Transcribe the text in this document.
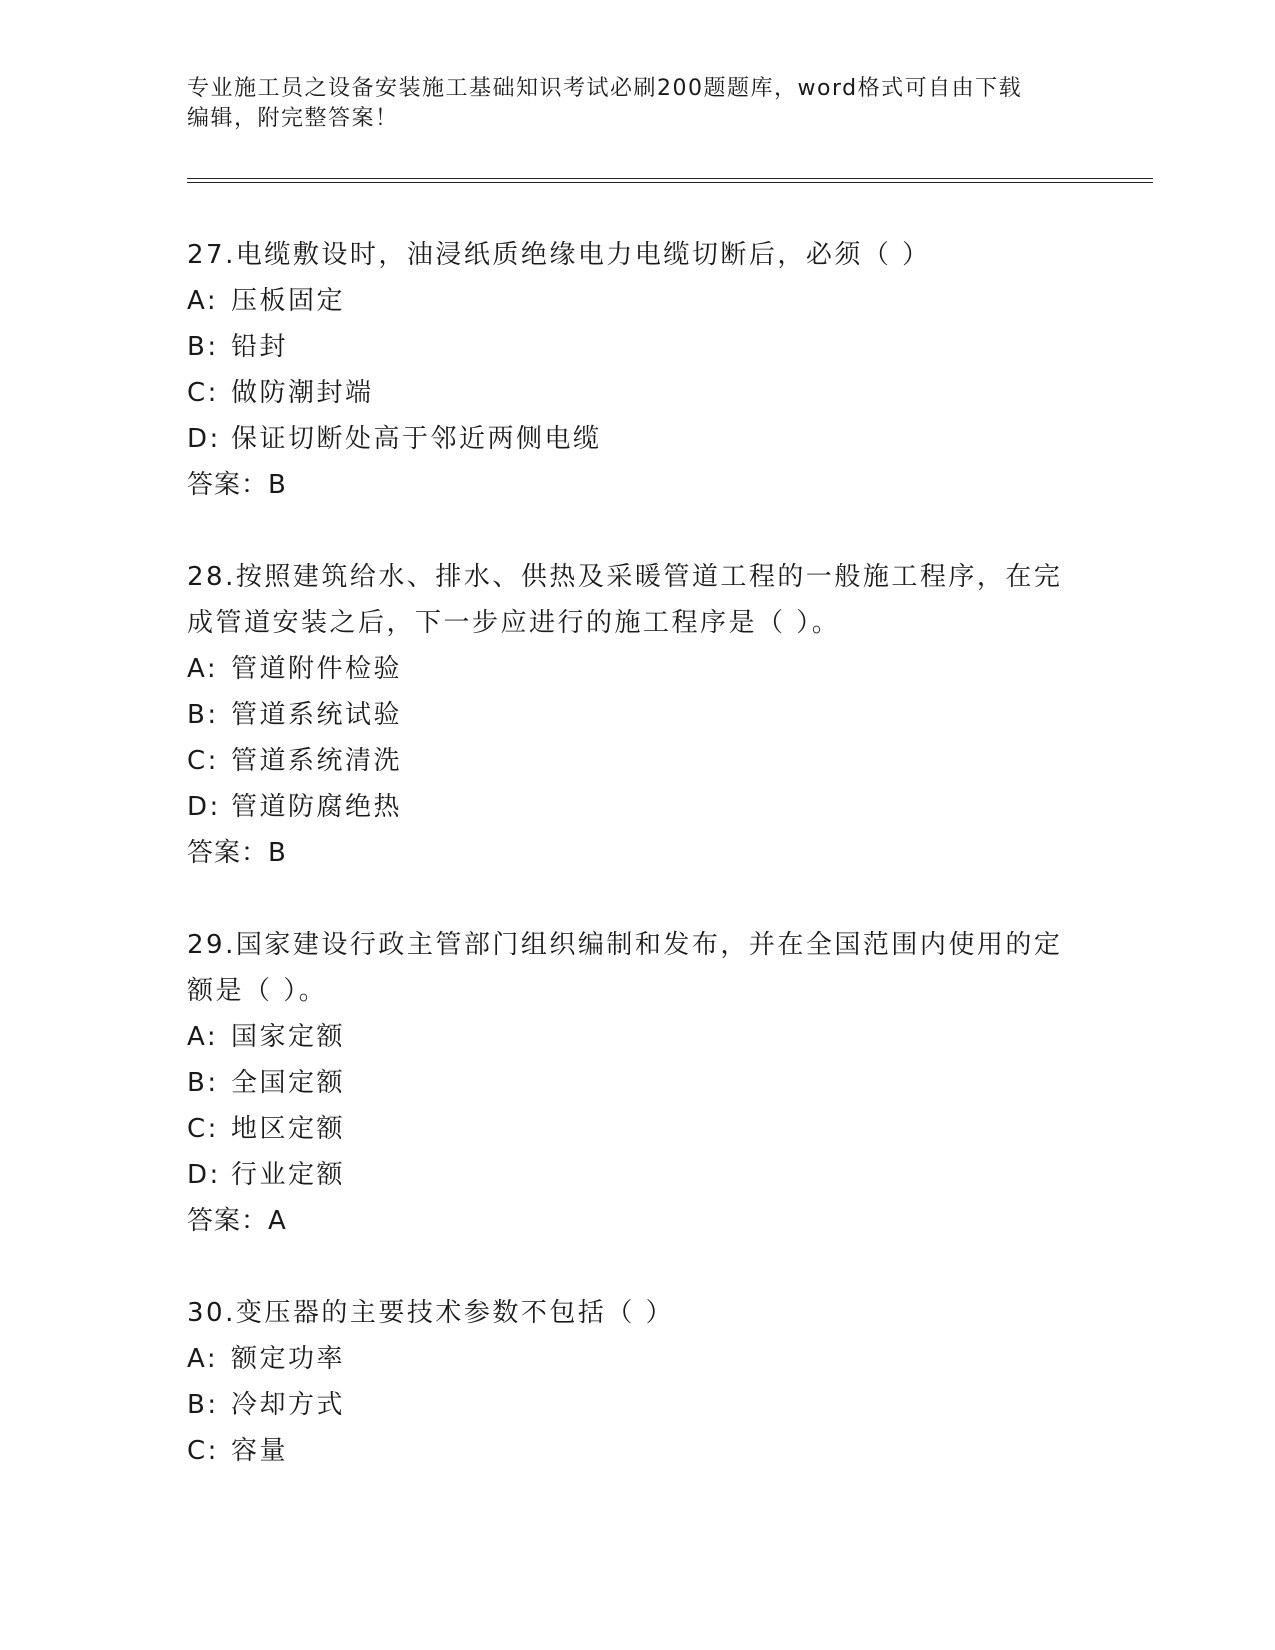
专业施工员之设备安装施工基础知识考试必刷200题题库，word格式可自由下载
编辑，附完整答案！
27.电缆敷设时，油浸纸质绝缘电力电缆切断后，必须（ ）
A: 压板固定
B: 铅封
C: 做防潮封端
D: 保证切断处高于邻近两侧电缆
答案：B
28.按照建筑给水、排水、供热及采暖管道工程的一般施工程序，在完成管道安装之后，下一步应进行的施工程序是（ ）。
A: 管道附件检验
B: 管道系统试验
C: 管道系统清洗
D: 管道防腐绝热
答案：B
29.国家建设行政主管部门组织编制和发布，并在全国范围内使用的定额是（ ）。
A: 国家定额
B: 全国定额
C: 地区定额
D: 行业定额
答案：A
30.变压器的主要技术参数不包括（ ）
A: 额定功率
B: 冷却方式
C: 容量
